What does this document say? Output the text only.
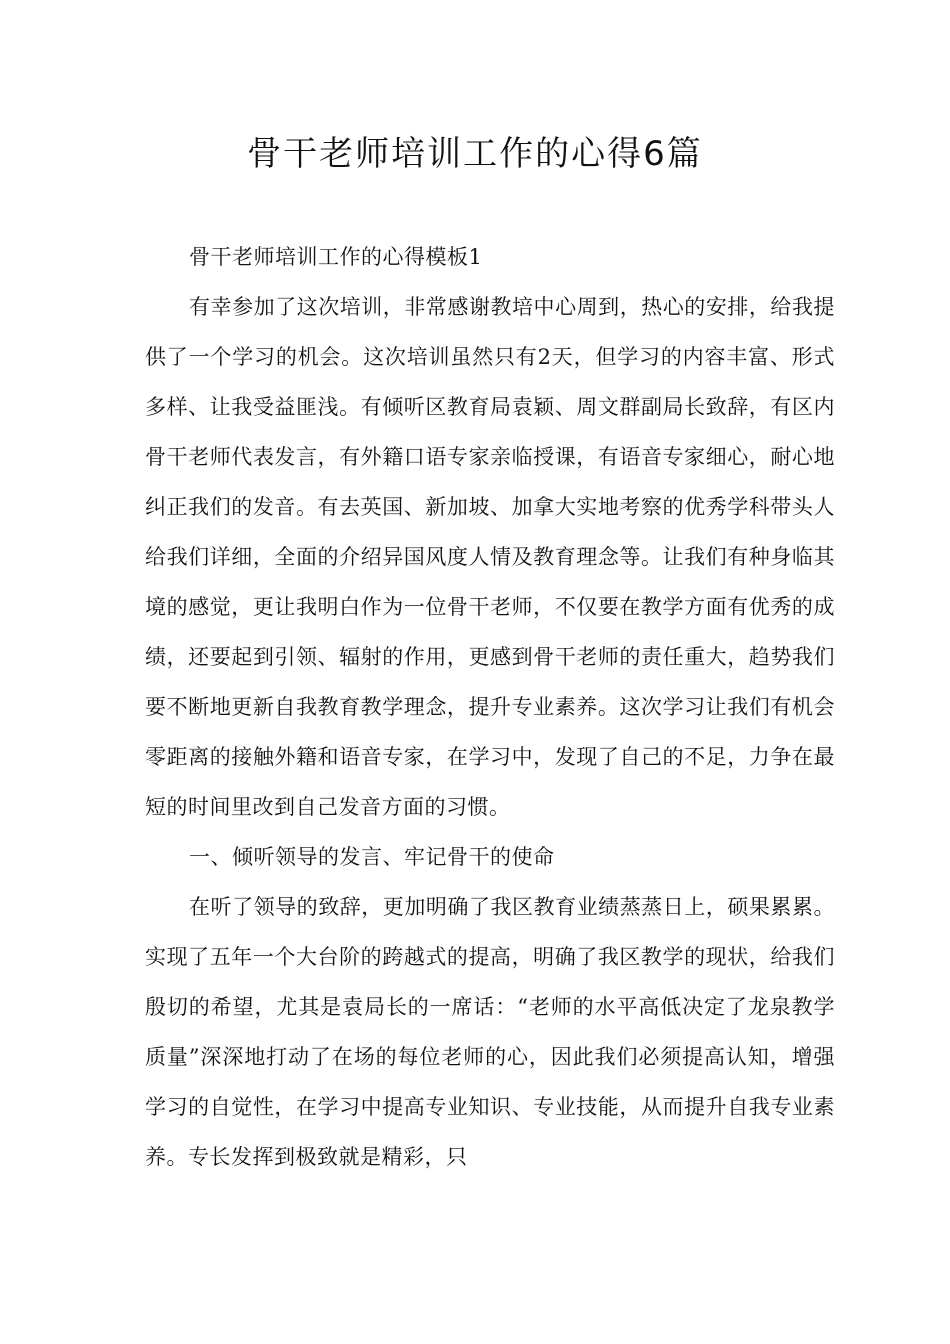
骨干老师培训工作的心得6篇

骨干老师培训工作的心得模板1

有幸参加了这次培训，非常感谢教培中心周到，热心的安排，给我提供了一个学习的机会。这次培训虽然只有2天，但学习的内容丰富、形式多样、让我受益匪浅。有倾听区教育局袁颖、周文群副局长致辞，有区内骨干老师代表发言，有外籍口语专家亲临授课，有语音专家细心，耐心地纠正我们的发音。有去英国、新加坡、加拿大实地考察的优秀学科带头人给我们详细，全面的介绍异国风度人情及教育理念等。让我们有种身临其境的感觉，更让我明白作为一位骨干老师，不仅要在教学方面有优秀的成绩，还要起到引领、辐射的作用，更感到骨干老师的责任重大，趋势我们要不断地更新自我教育教学理念，提升专业素养。这次学习让我们有机会零距离的接触外籍和语音专家，在学习中，发现了自己的不足，力争在最短的时间里改到自己发音方面的习惯。

一、倾听领导的发言、牢记骨干的使命

在听了领导的致辞，更加明确了我区教育业绩蒸蒸日上，硕果累累。实现了五年一个大台阶的跨越式的提高，明确了我区教学的现状，给我们殷切的希望，尤其是袁局长的一席话：“老师的水平高低决定了龙泉教学质量”深深地打动了在场的每位老师的心，因此我们必须提高认知，增强学习的自觉性，在学习中提高专业知识、专业技能，从而提升自我专业素养。专长发挥到极致就是精彩，只
